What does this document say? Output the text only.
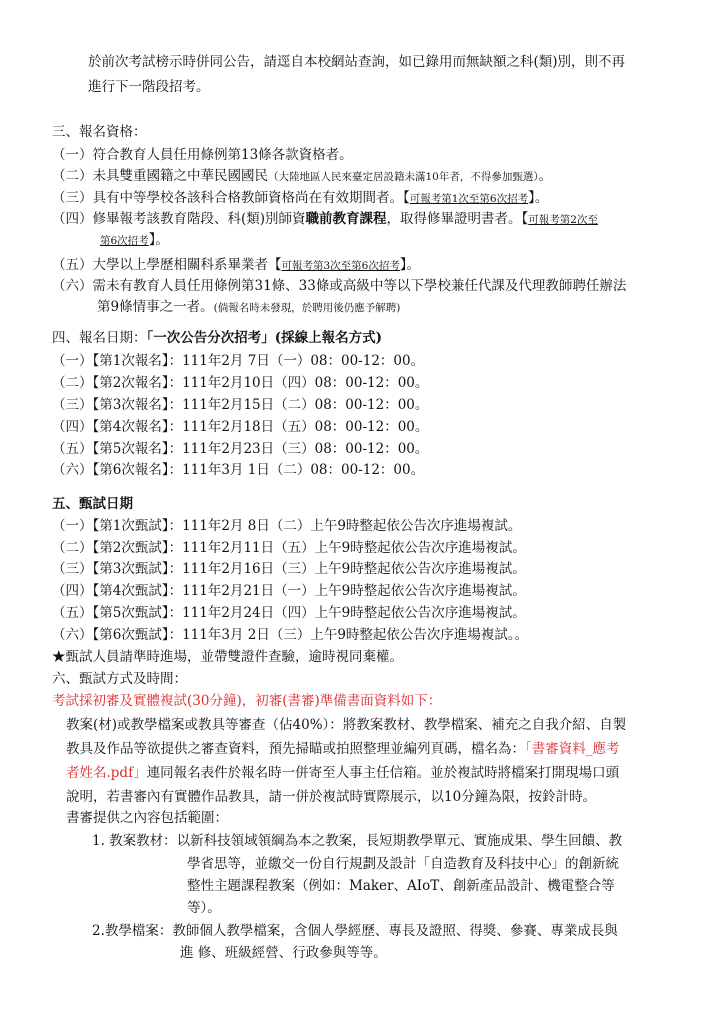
於前次考試榜示時併同公告，請逕自本校網站查詢，如已錄用而無缺額之科(類)別，則不再
進行下一階段招考。
三、報名資格：
（一）符合教育人員任用條例第13條各款資格者。
（二）未具雙重國籍之中華民國國民（大陸地區人民來臺定居設籍未滿10年者，不得參加甄選）。
（三）具有中等學校各該科合格教師資格尚在有效期間者。【可報考第1次至第6次招考】。
（四）修畢報考該教育階段、科(類)別師資職前教育課程，取得修畢證明書者。【可報考第2次至
第6次招考】。
（五）大學以上學歷相關科系畢業者【可報考第3次至第6次招考】。
（六）需未有教育人員任用條例第31條、33條或高級中等以下學校兼任代課及代理教師聘任辦法
第9條情事之一者。(倘報名時未發現，於聘用後仍應予解聘)
四、報名日期：「一次公告分次招考」(採線上報名方式)
（一）【第1次報名】：111年2月 7日（一）08：00-12：00。
（二）【第2次報名】：111年2月10日（四）08：00-12：00。
（三）【第3次報名】：111年2月15日（二）08：00-12：00。
（四）【第4次報名】：111年2月18日（五）08：00-12：00。
（五）【第5次報名】：111年2月23日（三）08：00-12：00。
（六）【第6次報名】：111年3月 1日（二）08：00-12：00。
五、甄試日期
（一）【第1次甄試】：111年2月 8日（二）上午9時整起依公告次序進場複試。
（二）【第2次甄試】：111年2月11日（五）上午9時整起依公告次序進場複試。
（三）【第3次甄試】：111年2月16日（三）上午9時整起依公告次序進場複試。
（四）【第4次甄試】：111年2月21日（一）上午9時整起依公告次序進場複試。
（五）【第5次甄試】：111年2月24日（四）上午9時整起依公告次序進場複試。
（六）【第6次甄試】：111年3月 2日（三）上午9時整起依公告次序進場複試。。
★甄試人員請準時進場，並帶雙證件查驗，逾時視同棄權。
六、甄試方式及時間：
考試採初審及實體複試(30分鐘)，初審(書審)準備書面資料如下：
教案(材)或教學檔案或教具等審查（佔40%）：將教案教材、教學檔案、補充之自我介紹、自製
教具及作品等欲提供之審查資料，預先掃瞄或拍照整理並編列頁碼，檔名為：「書審資料_應考
者姓名.pdf」連同報名表件於報名時一併寄至人事主任信箱。並於複試時將檔案打開現場口頭
說明，若書審內有實體作品教具，請一併於複試時實際展示，以10分鐘為限，按鈴計時。
書審提供之內容包括範圍：
1. 教案教材：以新科技領域領綱為本之教案，長短期教學單元、實施成果、學生回饋、教
學省思等，並繳交一份自行規劃及設計「自造教育及科技中心」的創新統
整性主題課程教案（例如：Maker、AIoT、創新產品設計、機電整合等
等）。
2.教學檔案：教師個人教學檔案，含個人學經歷、專長及證照、得獎、參賽、專業成長與
進 修、班級經營、行政參與等等。
